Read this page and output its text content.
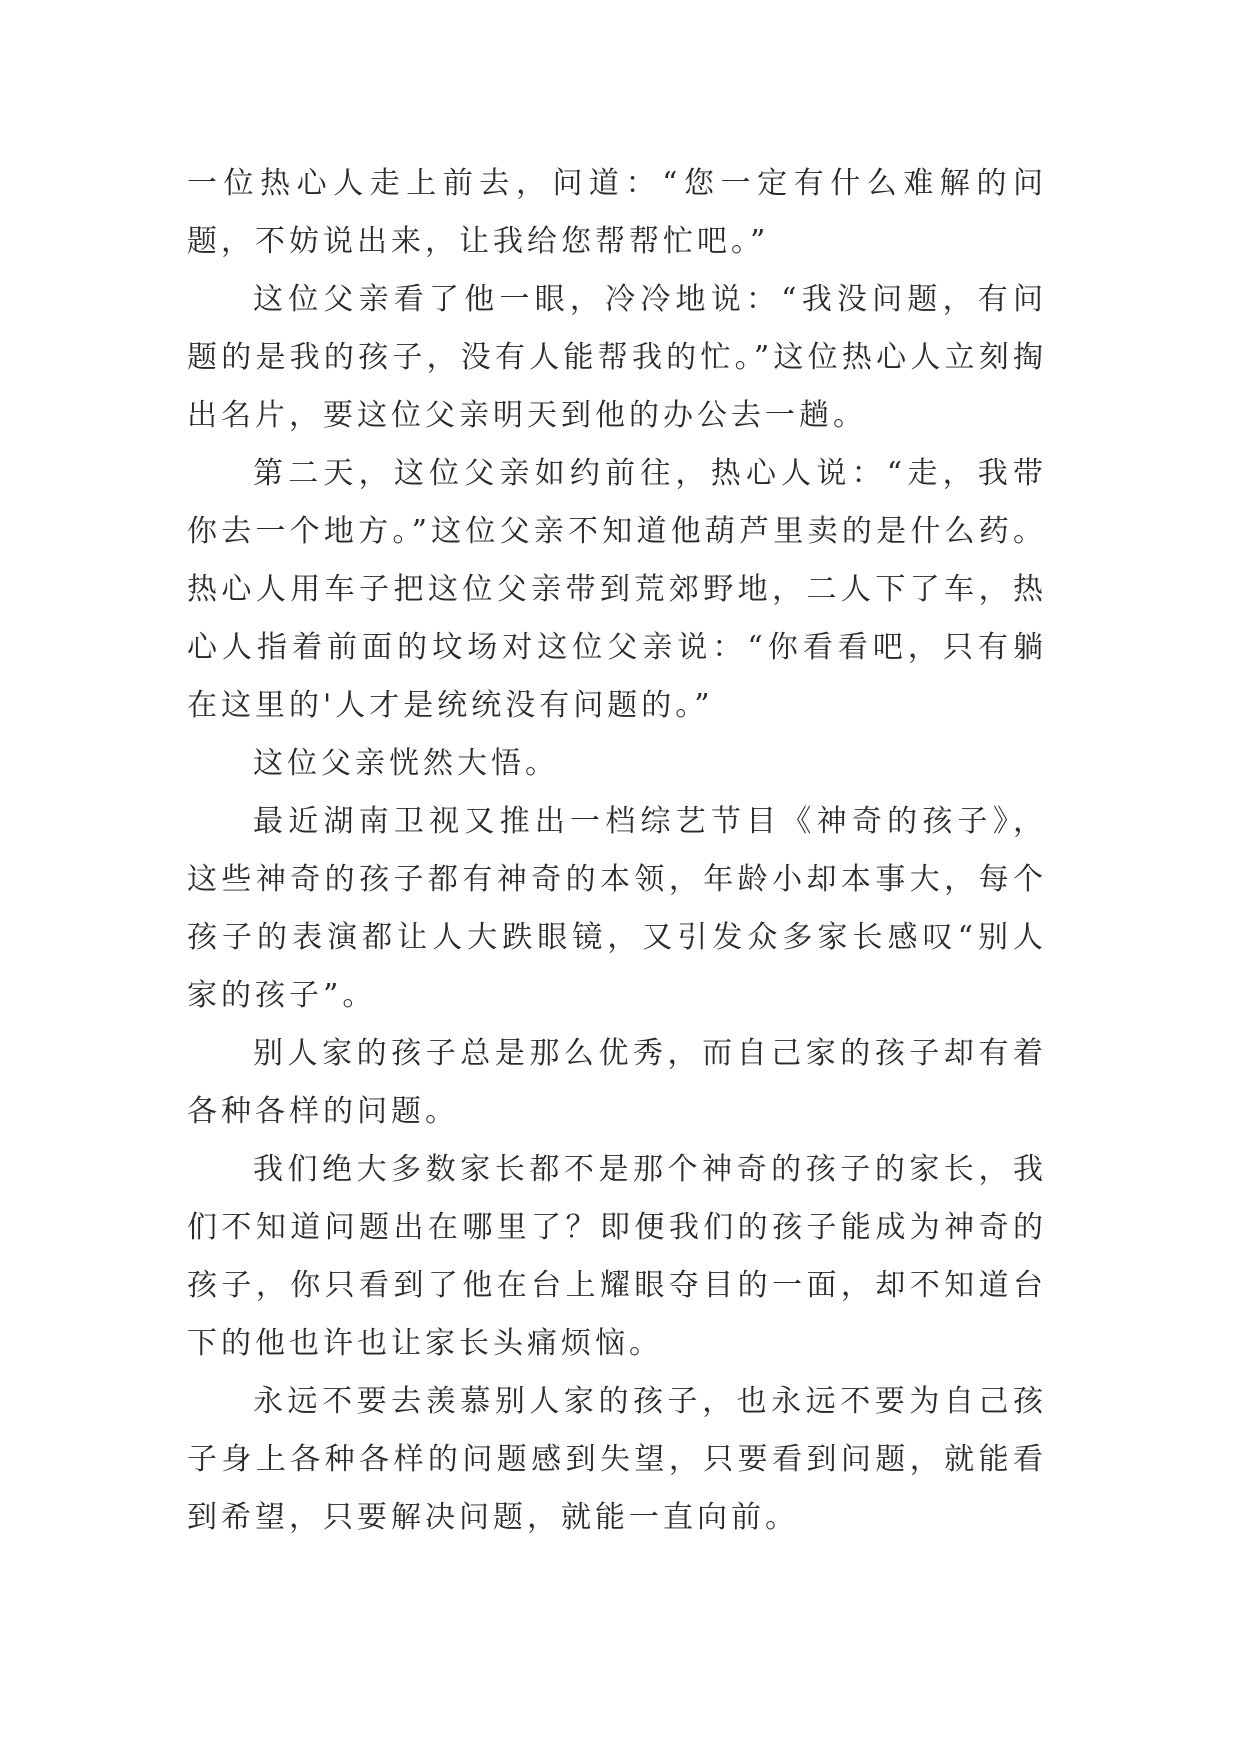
一位热心人走上前去，问道：“您一定有什么难解的问题，不妨说出来，让我给您帮帮忙吧。”

这位父亲看了他一眼，冷冷地说：“我没问题，有问题的是我的孩子，没有人能帮我的忙。”这位热心人立刻掏出名片，要这位父亲明天到他的办公去一趟。

第二天，这位父亲如约前往，热心人说：“走，我带你去一个地方。”这位父亲不知道他葫芦里卖的是什么药。热心人用车子把这位父亲带到荒郊野地，二人下了车，热心人指着前面的坟场对这位父亲说：“你看看吧，只有躺在这里的'人才是统统没有问题的。”

这位父亲恍然大悟。

最近湖南卫视又推出一档综艺节目《神奇的孩子》，这些神奇的孩子都有神奇的本领，年龄小却本事大，每个孩子的表演都让人大跌眼镜，又引发众多家长感叹“别人家的孩子”。

别人家的孩子总是那么优秀，而自己家的孩子却有着各种各样的问题。

我们绝大多数家长都不是那个神奇的孩子的家长，我们不知道问题出在哪里了？即便我们的孩子能成为神奇的孩子，你只看到了他在台上耀眼夺目的一面，却不知道台下的他也许也让家长头痛烦恼。

永远不要去羡慕别人家的孩子，也永远不要为自己孩子身上各种各样的问题感到失望，只要看到问题，就能看到希望，只要解决问题，就能一直向前。
